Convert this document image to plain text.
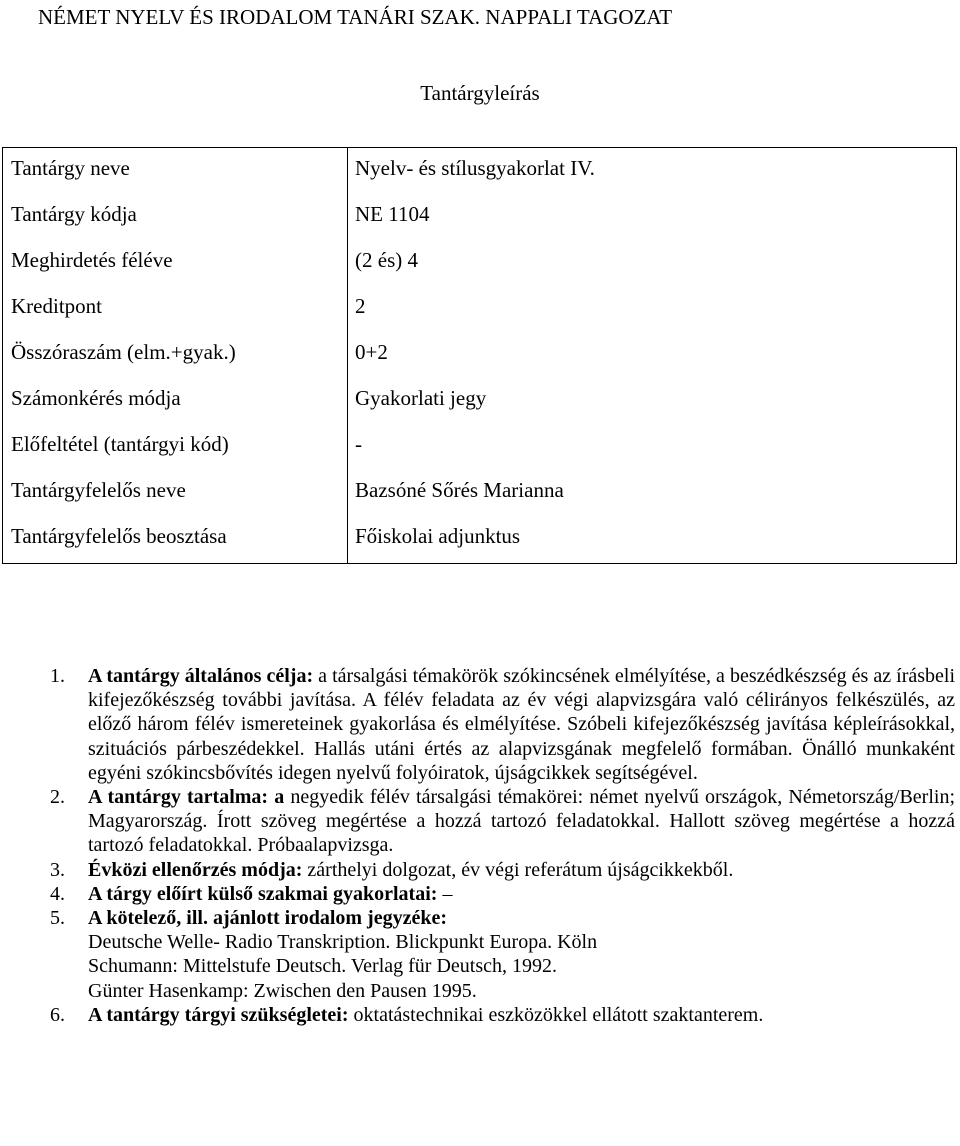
NÉMET NYELV ÉS IRODALOM TANÁRI SZAK. NAPPALI TAGOZAT
Tantárgyleírás
Tantárgy neve	Nyelv- és stílusgyakorlat IV.
Tantárgy kódja	NE 1104
Meghirdetés féléve	(2 és) 4
Kreditpont	2
Összóraszám (elm.+gyak.)	0+2
Számonkérés módja	Gyakorlati jegy
Előfeltétel (tantárgyi kód)	-
Tantárgyfelelős neve	Bazsóné Sőrés Marianna
Tantárgyfelelős beosztása	Főiskolai adjunktus
1. A tantárgy általános célja: a társalgási témakörök szókincsének elmélyítése, a beszédkészség és az írásbeli kifejezőkészség további javítása. A félév feladata az év végi alapvizsgára való célirányos felkészülés, az előző három félév ismereteinek gyakorlása és elmélyítése. Szóbeli kifejezőkészség javítása képleírásokkal, szituációs párbeszédekkel. Hallás utáni értés az alapvizsgának megfelelő formában. Önálló munkaként egyéni szókincsbővítés idegen nyelvű folyóiratok, újságcikkek segítségével.

2. A tantárgy tartalma: a negyedik félév társalgási témakörei: német nyelvű országok, Németország/Berlin; Magyarország. Írott szöveg megértése a hozzá tartozó feladatokkal. Hallott szöveg megértése a hozzá tartozó feladatokkal. Próbaalapvizsga.

3. Évközi ellenőrzés módja: zárthelyi dolgozat, év végi referátum újságcikkekből.

4. A tárgy előírt külső szakmai gyakorlatai: –

5. A kötelező, ill. ajánlott irodalom jegyzéke:

Deutsche Welle- Radio Transkription. Blickpunkt Europa. Köln
Schumann: Mittelstufe Deutsch. Verlag für Deutsch, 1992.
Günter Hasenkamp: Zwischen den Pausen 1995.
6. A tantárgy tárgyi szükségletei: oktatástechnikai eszközökkel ellátott szaktanterem.
